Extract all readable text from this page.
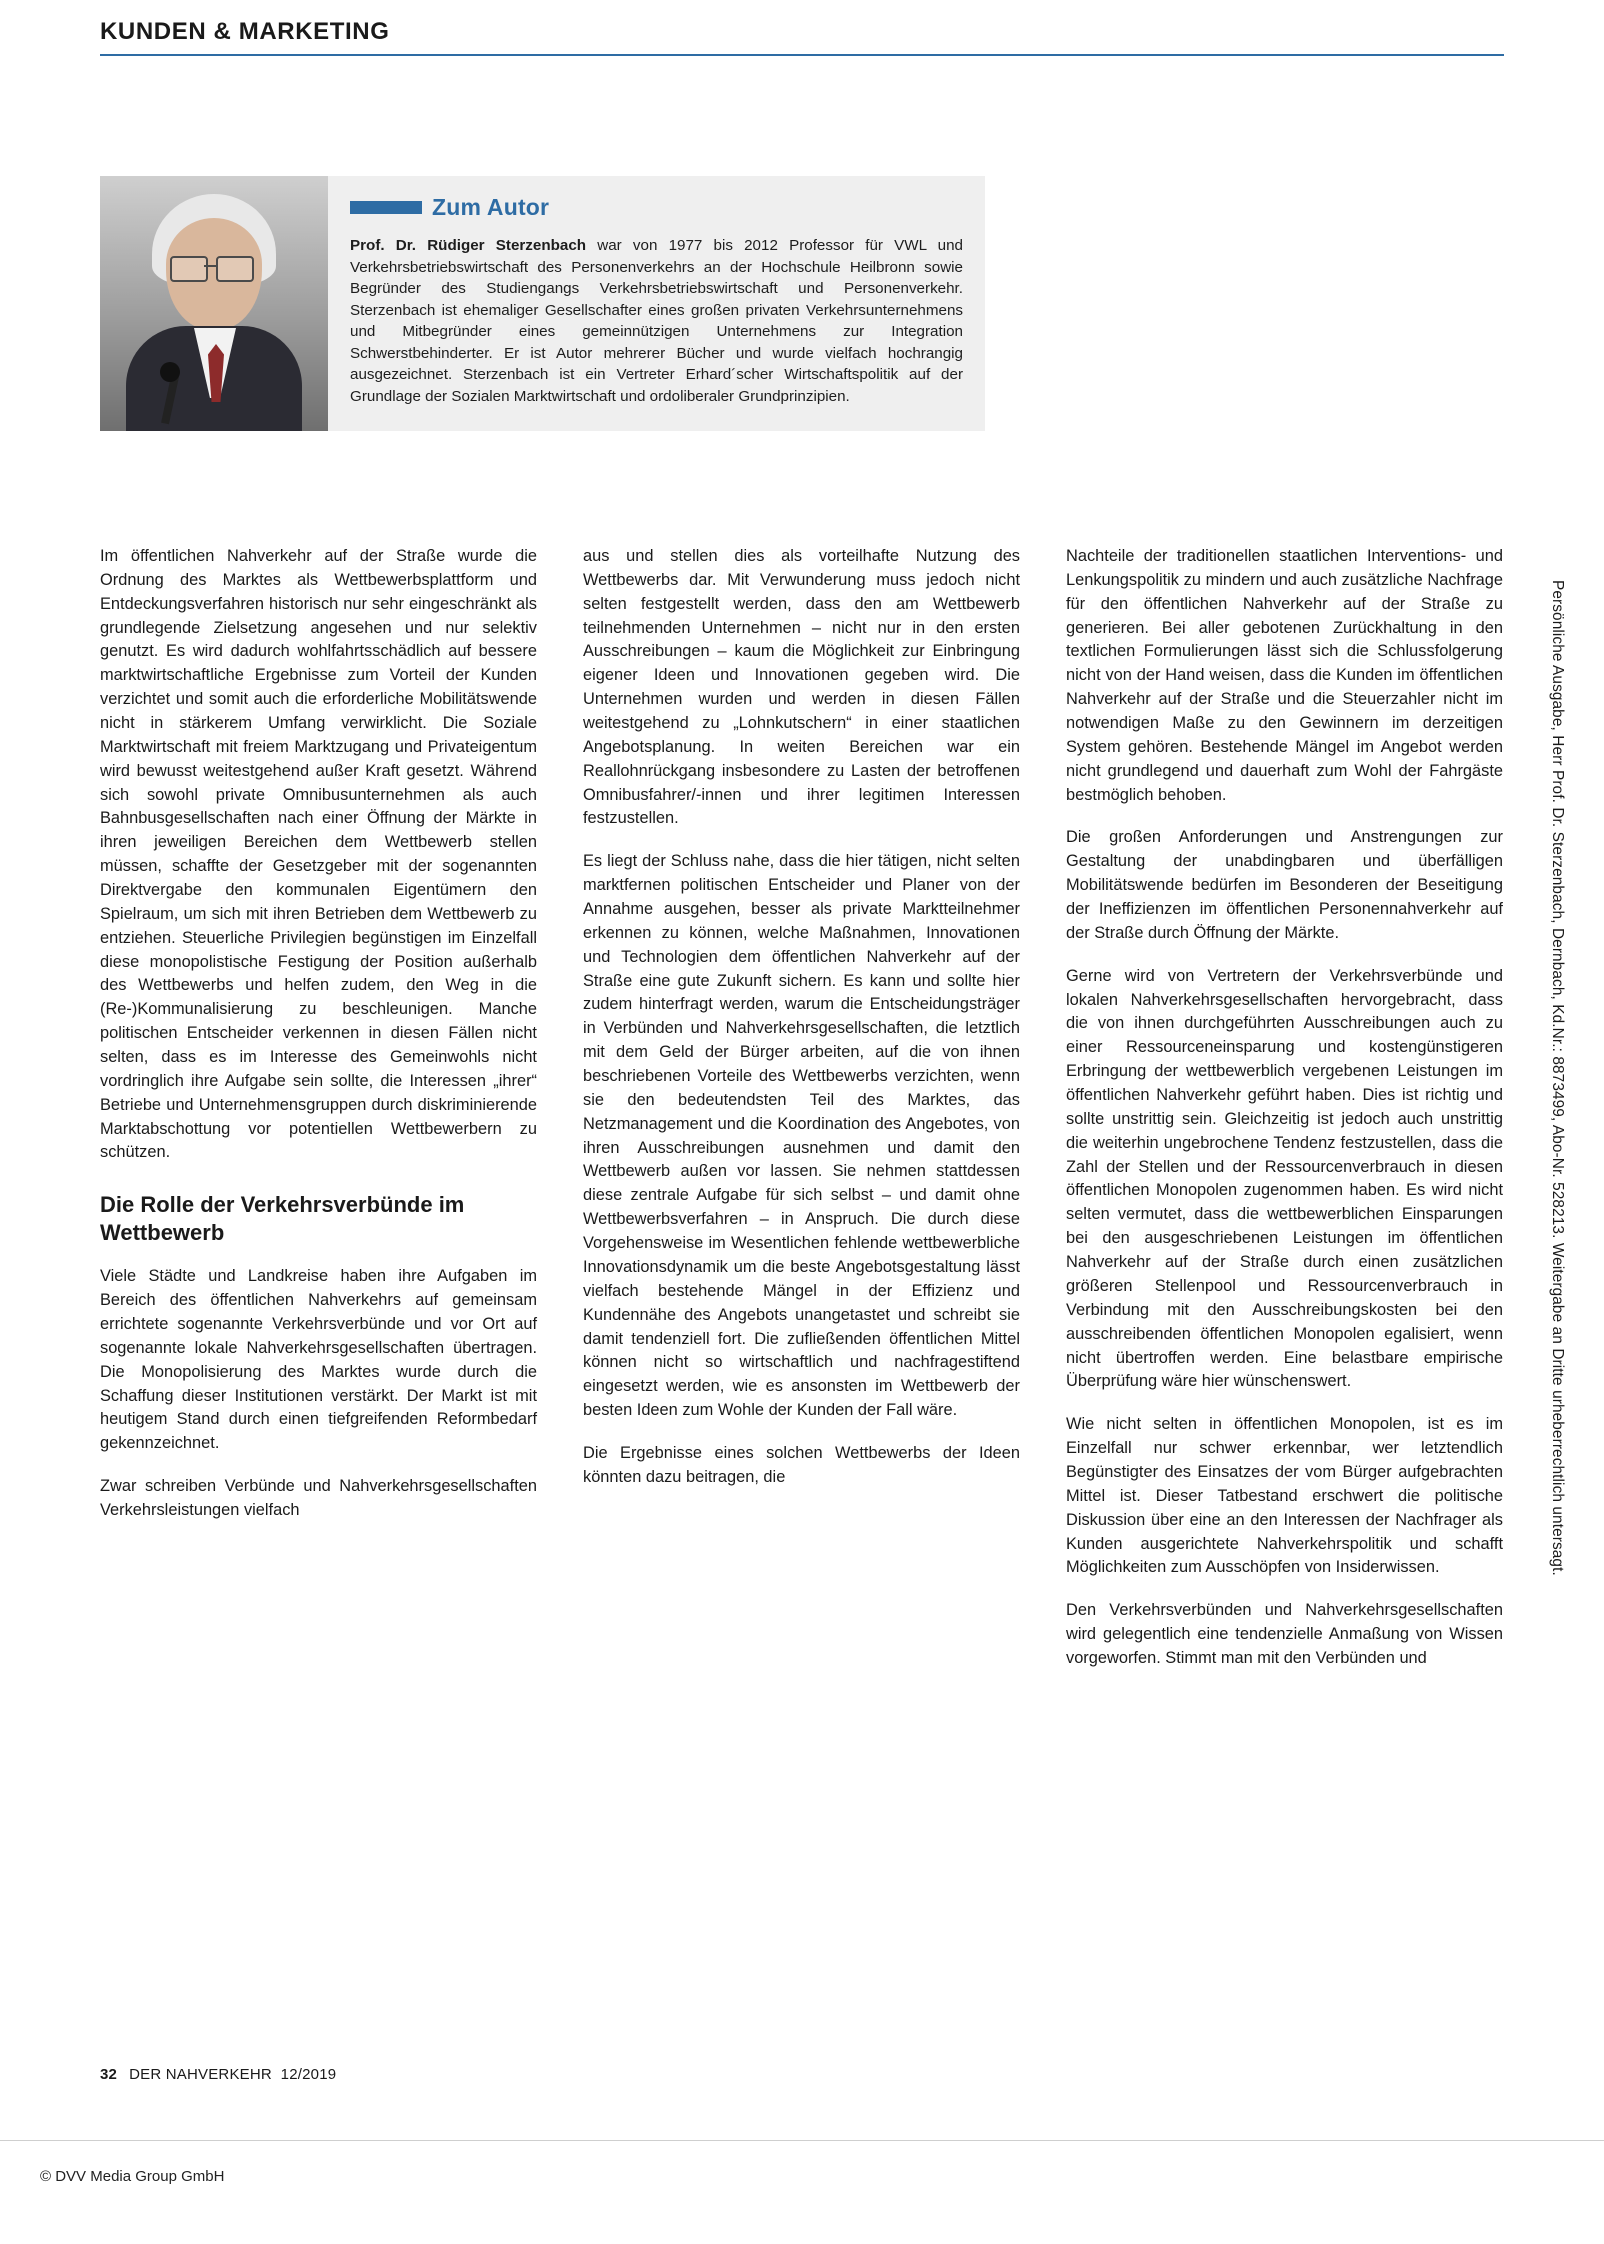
KUNDEN & MARKETING
Zum Autor

Prof. Dr. Rüdiger Sterzenbach war von 1977 bis 2012 Professor für VWL und Verkehrsbetriebswirtschaft des Personenverkehrs an der Hochschule Heilbronn sowie Begründer des Studiengangs Verkehrsbetriebswirtschaft und Personenverkehr. Sterzenbach ist ehemaliger Gesellschafter eines großen privaten Verkehrsunternehmens und Mitbegründer eines gemeinnützigen Unternehmens zur Integration Schwerstbehinderter. Er ist Autor mehrerer Bücher und wurde vielfach hochrangig ausgezeichnet. Sterzenbach ist ein Vertreter Erhard´scher Wirtschaftspolitik auf der Grundlage der Sozialen Marktwirtschaft und ordoliberaler Grundprinzipien.

Im öffentlichen Nahverkehr auf der Straße wurde die Ordnung des Marktes als Wettbewerbsplattform und Entdeckungsverfahren historisch nur sehr eingeschränkt als grundlegende Zielsetzung angesehen und nur selektiv genutzt. Es wird dadurch wohlfahrtsschädlich auf bessere marktwirtschaftliche Ergebnisse zum Vorteil der Kunden verzichtet und somit auch die erforderliche Mobilitätswende nicht in stärkerem Umfang verwirklicht. Die Soziale Marktwirtschaft mit freiem Marktzugang und Privateigentum wird bewusst weitestgehend außer Kraft gesetzt. Während sich sowohl private Omnibusunternehmen als auch Bahnbusgesellschaften nach einer Öffnung der Märkte in ihren jeweiligen Bereichen dem Wettbewerb stellen müssen, schaffte der Gesetzgeber mit der sogenannten Direktvergabe den kommunalen Eigentümern den Spielraum, um sich mit ihren Betrieben dem Wettbewerb zu entziehen. Steuerliche Privilegien begünstigen im Einzelfall diese monopolistische Festigung der Position außerhalb des Wettbewerbs und helfen zudem, den Weg in die (Re-)Kommunalisierung zu beschleunigen. Manche politischen Entscheider verkennen in diesen Fällen nicht selten, dass es im Interesse des Gemeinwohls nicht vordringlich ihre Aufgabe sein sollte, die Interessen „ihrer“ Betriebe und Unternehmensgruppen durch diskriminierende Marktabschottung vor potentiellen Wettbewerbern zu schützen.

Die Rolle der Verkehrsverbünde im Wettbewerb

Viele Städte und Landkreise haben ihre Aufgaben im Bereich des öffentlichen Nahverkehrs auf gemeinsam errichtete sogenannte Verkehrsverbünde und vor Ort auf sogenannte lokale Nahverkehrsgesellschaften übertragen. Die Monopolisierung des Marktes wurde durch die Schaffung dieser Institutionen verstärkt. Der Markt ist mit heutigem Stand durch einen tiefgreifenden Reformbedarf gekennzeichnet.

Zwar schreiben Verbünde und Nahverkehrsgesellschaften Verkehrsleistungen vielfach

aus und stellen dies als vorteilhafte Nutzung des Wettbewerbs dar. Mit Verwunderung muss jedoch nicht selten festgestellt werden, dass den am Wettbewerb teilnehmenden Unternehmen – nicht nur in den ersten Ausschreibungen – kaum die Möglichkeit zur Einbringung eigener Ideen und Innovationen gegeben wird. Die Unternehmen wurden und werden in diesen Fällen weitestgehend zu „Lohnkutschern“ in einer staatlichen Angebotsplanung. In weiten Bereichen war ein Reallohnrückgang insbesondere zu Lasten der betroffenen Omnibusfahrer/-innen und ihrer legitimen Interessen festzustellen.

Es liegt der Schluss nahe, dass die hier tätigen, nicht selten marktfernen politischen Entscheider und Planer von der Annahme ausgehen, besser als private Marktteilnehmer erkennen zu können, welche Maßnahmen, Innovationen und Technologien dem öffentlichen Nahverkehr auf der Straße eine gute Zukunft sichern. Es kann und sollte hier zudem hinterfragt werden, warum die Entscheidungsträger in Verbünden und Nahverkehrsgesellschaften, die letztlich mit dem Geld der Bürger arbeiten, auf die von ihnen beschriebenen Vorteile des Wettbewerbs verzichten, wenn sie den bedeutendsten Teil des Marktes, das Netzmanagement und die Koordination des Angebotes, von ihren Ausschreibungen ausnehmen und damit den Wettbewerb außen vor lassen. Sie nehmen stattdessen diese zentrale Aufgabe für sich selbst – und damit ohne Wettbewerbsverfahren – in Anspruch. Die durch diese Vorgehensweise im Wesentlichen fehlende wettbewerbliche Innovationsdynamik um die beste Angebotsgestaltung lässt vielfach bestehende Mängel in der Effizienz und Kundennähe des Angebots unangetastet und schreibt sie damit tendenziell fort. Die zufließenden öffentlichen Mittel können nicht so wirtschaftlich und nachfragestiftend eingesetzt werden, wie es ansonsten im Wettbewerb der besten Ideen zum Wohle der Kunden der Fall wäre.

Die Ergebnisse eines solchen Wettbewerbs der Ideen könnten dazu beitragen, die

Nachteile der traditionellen staatlichen Interventions- und Lenkungspolitik zu mindern und auch zusätzliche Nachfrage für den öffentlichen Nahverkehr auf der Straße zu generieren. Bei aller gebotenen Zurückhaltung in den textlichen Formulierungen lässt sich die Schlussfolgerung nicht von der Hand weisen, dass die Kunden im öffentlichen Nahverkehr auf der Straße und die Steuerzahler nicht im notwendigen Maße zu den Gewinnern im derzeitigen System gehören. Bestehende Mängel im Angebot werden nicht grundlegend und dauerhaft zum Wohl der Fahrgäste bestmöglich behoben.

Die großen Anforderungen und Anstrengungen zur Gestaltung der unabdingbaren und überfälligen Mobilitätswende bedürfen im Besonderen der Beseitigung der Ineffizienzen im öffentlichen Personennahverkehr auf der Straße durch Öffnung der Märkte.

Gerne wird von Vertretern der Verkehrsverbünde und lokalen Nahverkehrsgesellschaften hervorgebracht, dass die von ihnen durchgeführten Ausschreibungen auch zu einer Ressourceneinsparung und kostengünstigeren Erbringung der wettbewerblich vergebenen Leistungen im öffentlichen Nahverkehr geführt haben. Dies ist richtig und sollte unstrittig sein. Gleichzeitig ist jedoch auch unstrittig die weiterhin ungebrochene Tendenz festzustellen, dass die Zahl der Stellen und der Ressourcenverbrauch in diesen öffentlichen Monopolen zugenommen haben. Es wird nicht selten vermutet, dass die wettbewerblichen Einsparungen bei den ausgeschriebenen Leistungen im öffentlichen Nahverkehr auf der Straße durch einen zusätzlichen größeren Stellenpool und Ressourcenverbrauch in Verbindung mit den Ausschreibungskosten bei den ausschreibenden öffentlichen Monopolen egalisiert, wenn nicht übertroffen werden. Eine belastbare empirische Überprüfung wäre hier wünschenswert.

Wie nicht selten in öffentlichen Monopolen, ist es im Einzelfall nur schwer erkennbar, wer letztendlich Begünstigter des Einsatzes der vom Bürger aufgebrachten Mittel ist. Dieser Tatbestand erschwert die politische Diskussion über eine an den Interessen der Nachfrager als Kunden ausgerichtete Nahverkehrspolitik und schafft Möglichkeiten zum Ausschöpfen von Insiderwissen.

Den Verkehrsverbünden und Nahverkehrsgesellschaften wird gelegentlich eine tendenzielle Anmaßung von Wissen vorgeworfen. Stimmt man mit den Verbünden und

Persönliche Ausgabe, Herr Prof. Dr. Sterzenbach, Dernbach, Kd.Nr.: 8873499, Abo-Nr. 528213. Weitergabe an Dritte urheberrechtlich untersagt.
32 DER NAHVERKEHR 12/2019
© DVV Media Group GmbH
